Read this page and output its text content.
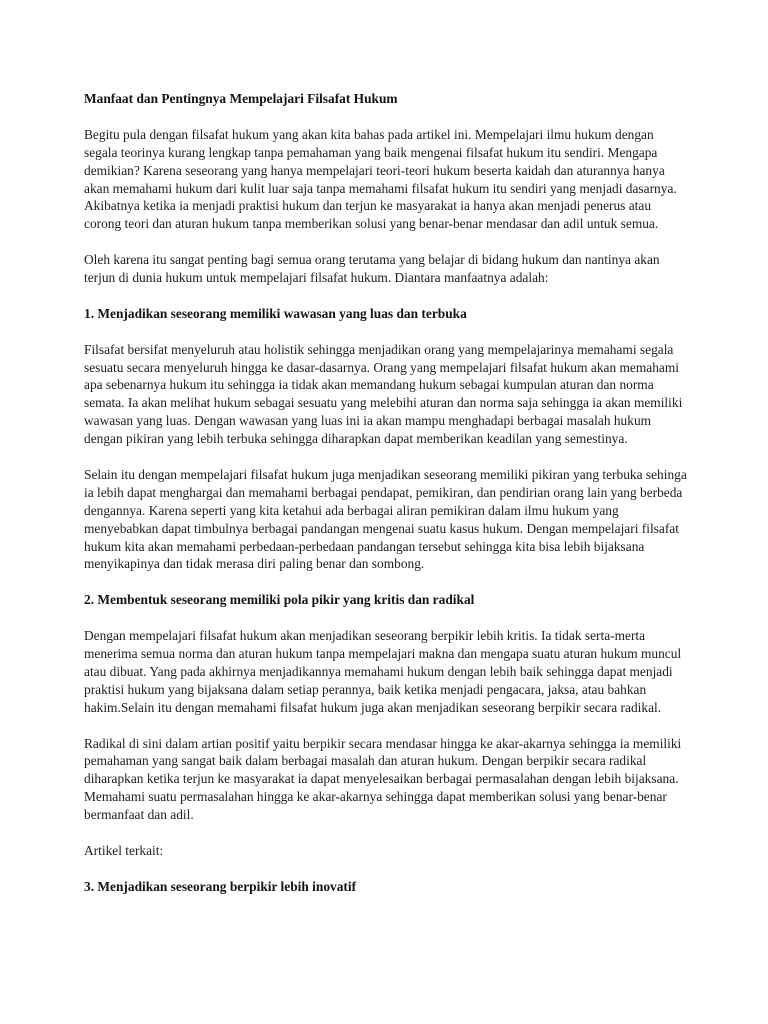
Manfaat dan Pentingnya Mempelajari Filsafat Hukum

Begitu pula dengan filsafat hukum yang akan kita bahas pada artikel ini. Mempelajari ilmu hukum dengan segala teorinya kurang lengkap tanpa pemahaman yang baik mengenai filsafat hukum itu sendiri. Mengapa demikian? Karena seseorang yang hanya mempelajari teori-teori hukum beserta kaidah dan aturannya hanya akan memahami hukum dari kulit luar saja tanpa memahami filsafat hukum itu sendiri yang menjadi dasarnya. Akibatnya ketika ia menjadi praktisi hukum dan terjun ke masyarakat ia hanya akan menjadi penerus atau corong teori dan aturan hukum tanpa memberikan solusi yang benar-benar mendasar dan adil untuk semua.

Oleh karena itu sangat penting bagi semua orang terutama yang belajar di bidang hukum dan nantinya akan terjun di dunia hukum untuk mempelajari filsafat hukum. Diantara manfaatnya adalah:

1. Menjadikan seseorang memiliki wawasan yang luas dan terbuka

Filsafat bersifat menyeluruh atau holistik sehingga menjadikan orang yang mempelajarinya memahami segala sesuatu secara menyeluruh hingga ke dasar-dasarnya. Orang yang mempelajari filsafat hukum akan memahami apa sebenarnya hukum itu sehingga ia tidak akan memandang hukum sebagai kumpulan aturan dan norma semata. Ia akan melihat hukum sebagai sesuatu yang melebihi aturan dan norma saja sehingga ia akan memiliki wawasan yang luas. Dengan wawasan yang luas ini ia akan mampu menghadapi berbagai masalah hukum dengan pikiran yang lebih terbuka sehingga diharapkan dapat memberikan keadilan yang semestinya.

Selain itu dengan mempelajari filsafat hukum juga menjadikan seseorang memiliki pikiran yang terbuka sehinga ia lebih dapat menghargai dan memahami berbagai pendapat, pemikiran, dan pendirian orang lain yang berbeda dengannya. Karena seperti yang kita ketahui ada berbagai aliran pemikiran dalam ilmu hukum yang menyebabkan dapat timbulnya berbagai pandangan mengenai suatu kasus hukum. Dengan mempelajari filsafat hukum kita akan memahami perbedaan-perbedaan pandangan tersebut sehingga kita bisa lebih bijaksana menyikapinya dan tidak merasa diri paling benar dan sombong.

2. Membentuk seseorang memiliki pola pikir yang kritis dan radikal

Dengan mempelajari filsafat hukum akan menjadikan seseorang berpikir lebih kritis. Ia tidak serta-merta menerima semua norma dan aturan hukum tanpa mempelajari makna dan mengapa suatu aturan hukum muncul atau dibuat. Yang pada akhirnya menjadikannya memahami hukum dengan lebih baik sehingga dapat menjadi praktisi hukum yang bijaksana dalam setiap perannya, baik ketika menjadi pengacara, jaksa, atau bahkan hakim.Selain itu dengan memahami filsafat hukum juga akan menjadikan seseorang berpikir secara radikal.

Radikal di sini dalam artian positif yaitu berpikir secara mendasar hingga ke akar-akarnya sehingga ia memiliki pemahaman yang sangat baik dalam berbagai masalah dan aturan hukum. Dengan berpikir secara radikal diharapkan ketika terjun ke masyarakat ia dapat menyelesaikan berbagai permasalahan dengan lebih bijaksana. Memahami suatu permasalahan hingga ke akar-akarnya sehingga dapat memberikan solusi yang benar-benar bermanfaat dan adil.

Artikel terkait:

3. Menjadikan seseorang berpikir lebih inovatif
